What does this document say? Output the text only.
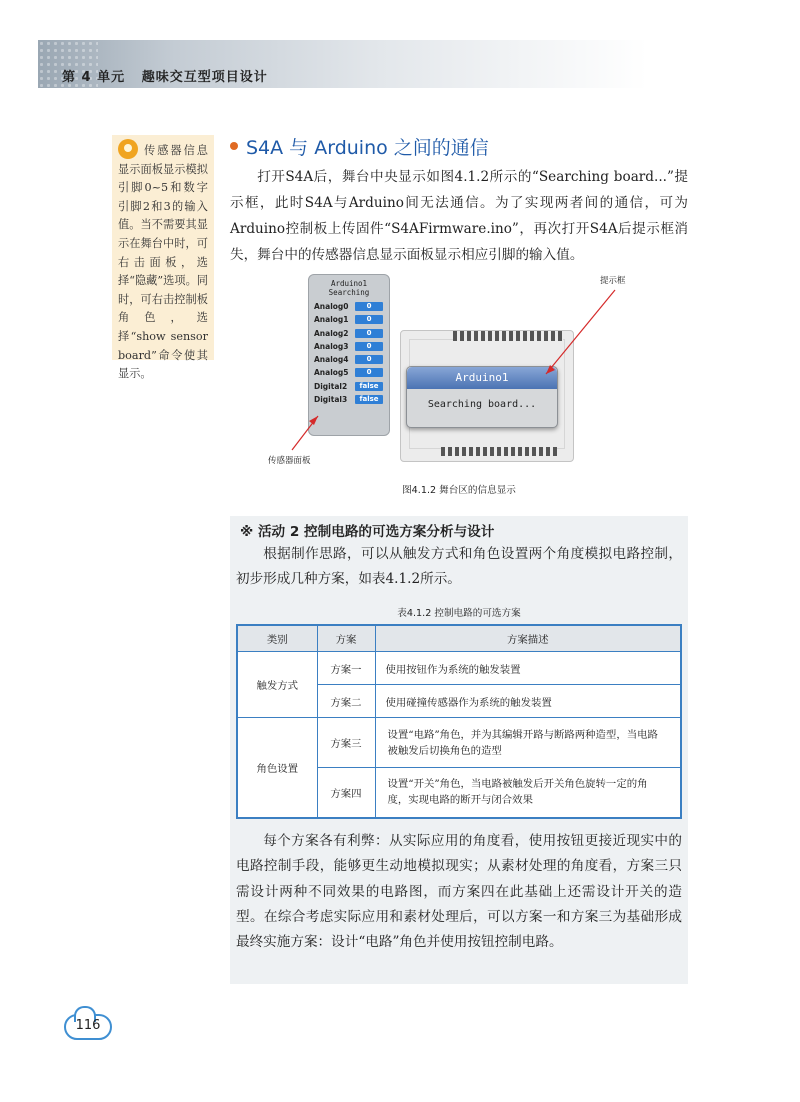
第 4 单元 趣味交互型项目设计
传感器信息显示面板显示模拟引脚0~5和数字引脚2和3的输入值。当不需要其显示在舞台中时，可右击面板，选择“隐藏”选项。同时，可右击控制板角色，选择“show sensor board”命令使其显示。
S4A 与 Arduino 之间的通信
打开S4A后，舞台中央显示如图4.1.2所示的“Searching board...”提示框，此时S4A与Arduino间无法通信。为了实现两者间的通信，可为Arduino控制板上传固件“S4AFirmware.ino”，再次打开S4A后提示框消失，舞台中的传感器信息显示面板显示相应引脚的输入值。
Arduino1
Searching
Analog0	0
Analog1	0
Analog2	0
Analog3	0
Analog4	0
Analog5	0
Digital2	false
Digital3	false
Arduino1
Searching board...
提示框
传感器面板
图4.1.2 舞台区的信息显示
※ 活动 2 控制电路的可选方案分析与设计
根据制作思路，可以从触发方式和角色设置两个角度模拟电路控制，初步形成几种方案，如表4.1.2所示。
表4.1.2 控制电路的可选方案
类别	方案	方案描述
触发方式	方案一	使用按钮作为系统的触发装置
	方案二	使用碰撞传感器作为系统的触发装置
角色设置	方案三	设置“电路”角色，并为其编辑开路与断路两种造型，当电路被触发后切换角色的造型
	方案四	设置“开关”角色，当电路被触发后开关角色旋转一定的角度，实现电路的断开与闭合效果
每个方案各有利弊：从实际应用的角度看，使用按钮更接近现实中的电路控制手段，能够更生动地模拟现实；从素材处理的角度看，方案三只需设计两种不同效果的电路图，而方案四在此基础上还需设计开关的造型。在综合考虑实际应用和素材处理后，可以方案一和方案三为基础形成最终实施方案：设计“电路”角色并使用按钮控制电路。
116
